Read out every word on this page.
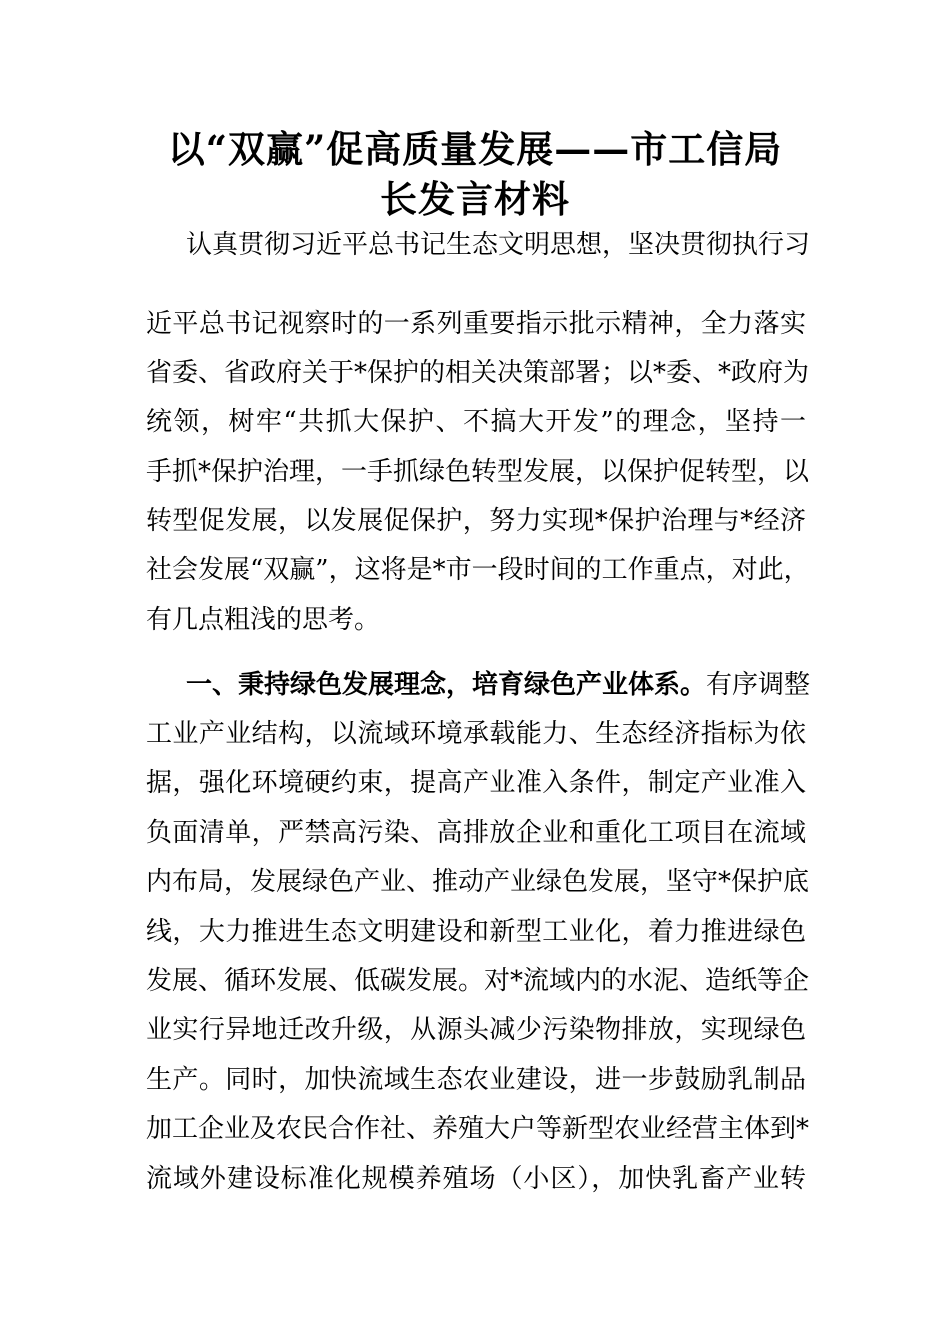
以“双赢”促高质量发展——市工信局
长发言材料
认真贯彻习近平总书记生态文明思想，坚决贯彻执行习
近平总书记视察时的一系列重要指示批示精神，全力落实
省委、省政府关于*保护的相关决策部署；以*委、*政府为
统领，树牢“共抓大保护、不搞大开发”的理念，坚持一
手抓*保护治理，一手抓绿色转型发展，以保护促转型，以
转型促发展，以发展促保护，努力实现*保护治理与*经济
社会发展“双赢”，这将是*市一段时间的工作重点，对此，
有几点粗浅的思考。
一、秉持绿色发展理念，培育绿色产业体系。有序调整
工业产业结构，以流域环境承载能力、生态经济指标为依
据，强化环境硬约束，提高产业准入条件，制定产业准入
负面清单，严禁高污染、高排放企业和重化工项目在流域
内布局，发展绿色产业、推动产业绿色发展，坚守*保护底
线，大力推进生态文明建设和新型工业化，着力推进绿色
发展、循环发展、低碳发展。对*流域内的水泥、造纸等企
业实行异地迁改升级，从源头减少污染物排放，实现绿色
生产。同时，加快流域生态农业建设，进一步鼓励乳制品
加工企业及农民合作社、养殖大户等新型农业经营主体到*
流域外建设标准化规模养殖场（小区），加快乳畜产业转
